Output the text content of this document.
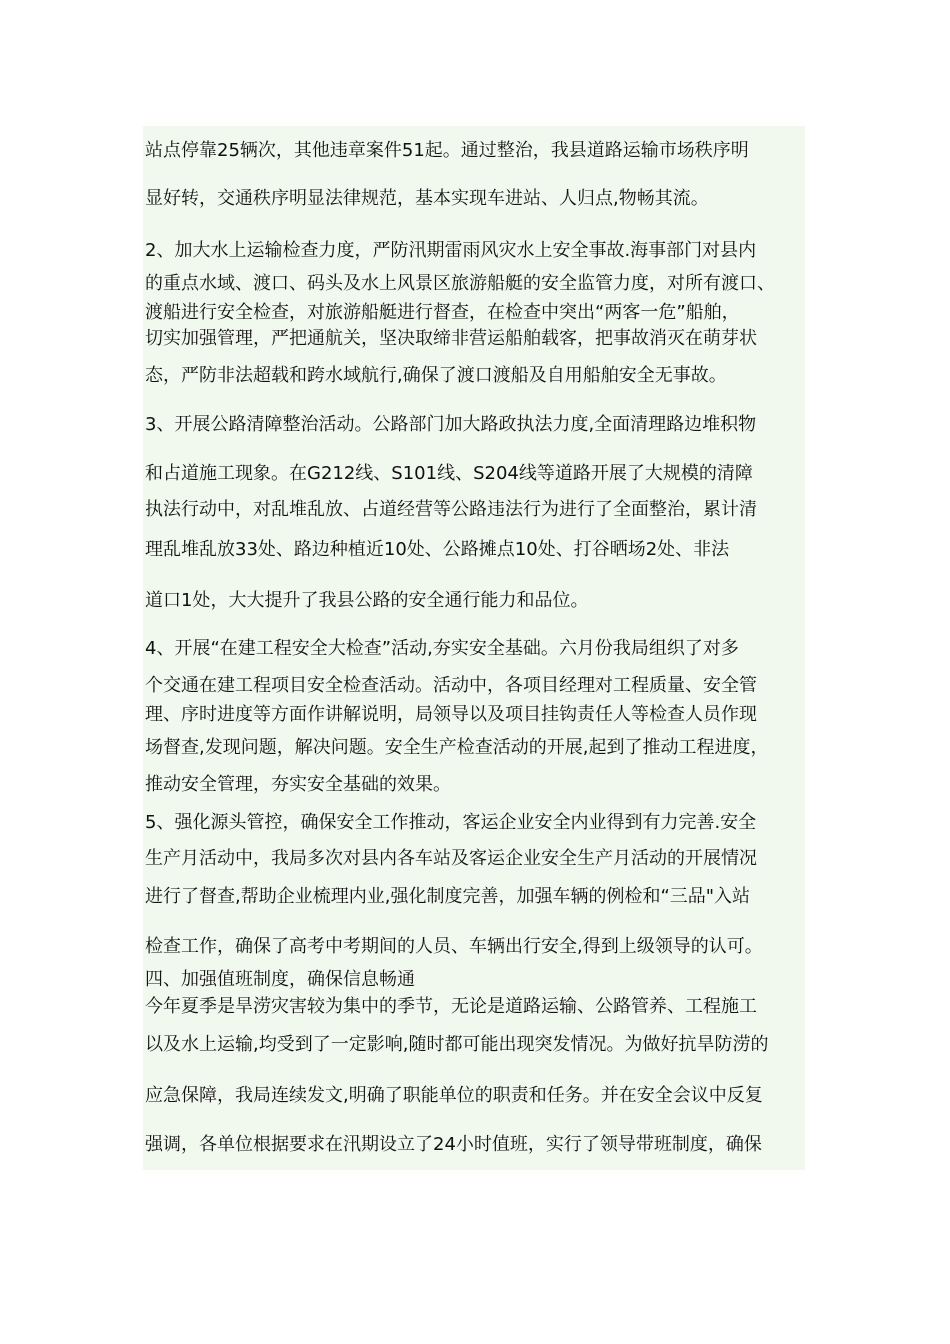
站点停靠25辆次，其他违章案件51起。通过整治，我县道路运输市场秩序明

显好转，交通秩序明显法律规范，基本实现车进站、人归点,物畅其流。

2、加大水上运输检查力度，严防汛期雷雨风灾水上安全事故.海事部门对县内

的重点水域、渡口、码头及水上风景区旅游船艇的安全监管力度，对所有渡口、

渡船进行安全检查，对旅游船艇进行督查，在检查中突出“两客一危”船舶，

切实加强管理，严把通航关，坚决取缔非营运船舶载客，把事故消灭在萌芽状

态，严防非法超载和跨水域航行,确保了渡口渡船及自用船舶安全无事故。

3、开展公路清障整治活动。公路部门加大路政执法力度,全面清理路边堆积物

和占道施工现象。在G212线、S101线、S204线等道路开展了大规模的清障

执法行动中，对乱堆乱放、占道经营等公路违法行为进行了全面整治，累计清

理乱堆乱放33处、路边种植近10处、公路摊点10处、打谷晒场2处、非法

道口1处，大大提升了我县公路的安全通行能力和品位。

4、开展“在建工程安全大检查”活动,夯实安全基础。六月份我局组织了对多

个交通在建工程项目安全检查活动。活动中，各项目经理对工程质量、安全管

理、序时进度等方面作讲解说明，局领导以及项目挂钩责任人等检查人员作现

场督查,发现问题，解决问题。安全生产检查活动的开展,起到了推动工程进度，

推动安全管理，夯实安全基础的效果。

5、强化源头管控，确保安全工作推动，客运企业安全内业得到有力完善.安全

生产月活动中，我局多次对县内各车站及客运企业安全生产月活动的开展情况

进行了督查,帮助企业梳理内业,强化制度完善，加强车辆的例检和“三品"入站

检查工作，确保了高考中考期间的人员、车辆出行安全,得到上级领导的认可。

四、加强值班制度，确保信息畅通

今年夏季是旱涝灾害较为集中的季节，无论是道路运输、公路管养、工程施工

以及水上运输,均受到了一定影响,随时都可能出现突发情况。为做好抗旱防涝的

应急保障，我局连续发文,明确了职能单位的职责和任务。并在安全会议中反复

强调，各单位根据要求在汛期设立了24小时值班，实行了领导带班制度，确保
